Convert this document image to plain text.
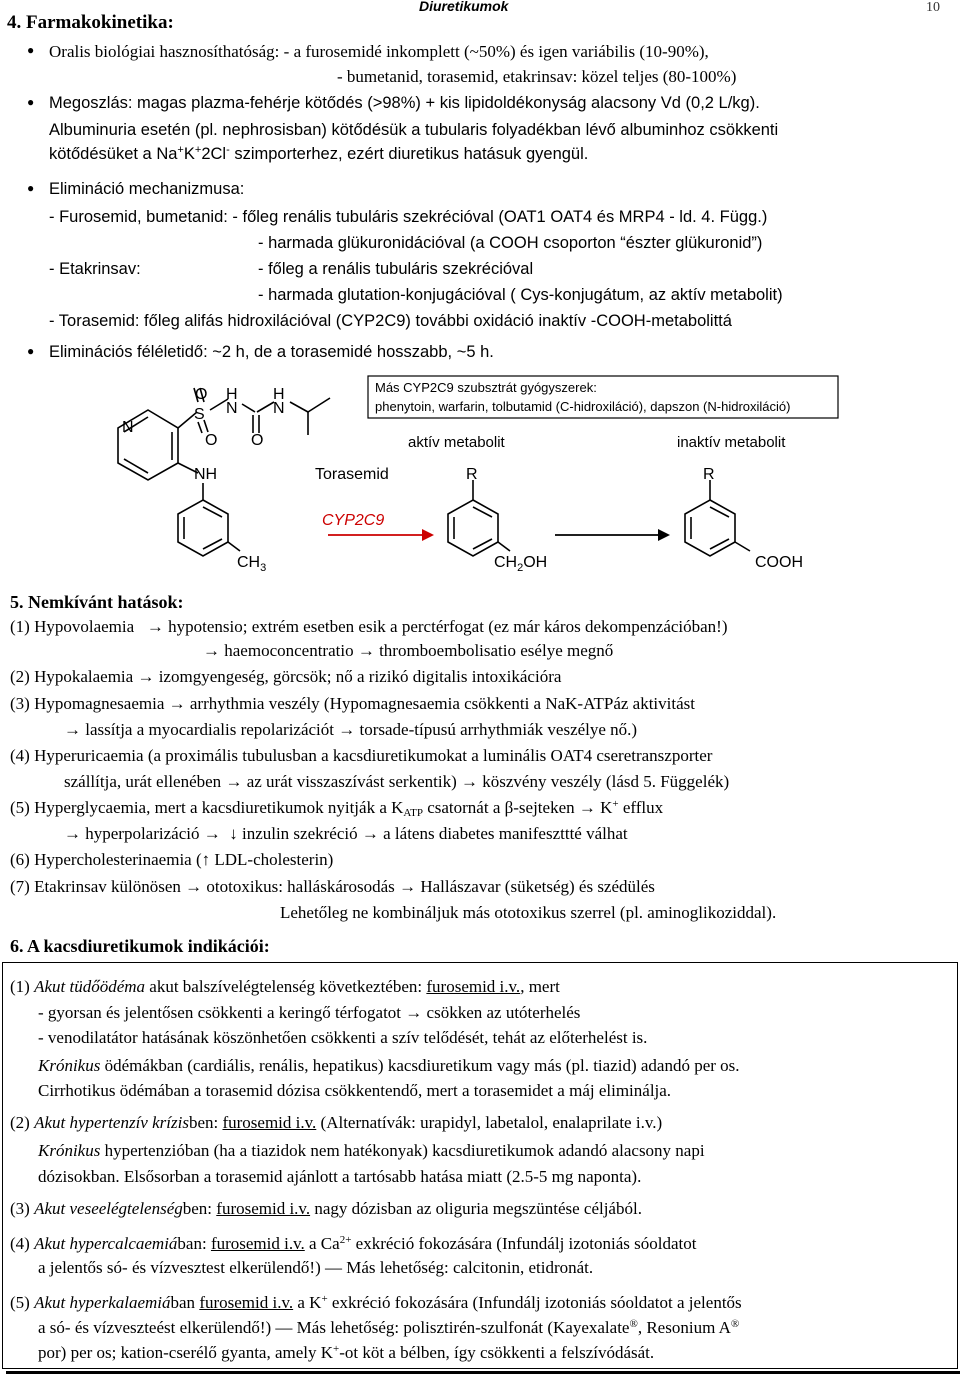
Diuretikumok	10
4. Farmakokinetika:
● Oralis biológiai hasznosíthatóság: - a furosemidé inkomplett (~50%) és igen variábilis (10-90%),
- bumetanid, torasemid, etakrinsav: közel teljes (80-100%)
● Megoszlás: magas plazma-fehérje kötődés (>98%) + kis lipidoldékonyság alacsony Vd (0,2 L/kg).
Albuminuria esetén (pl. nephrosisban) kötődésük a tubularis folyadékban lévő albuminhoz csökkenti
kötődésüket a Na+K+2Cl- szimporterhez, ezért diuretikus hatásuk gyengül.
● Elimináció mechanizmusa:
- Furosemid, bumetanid: - főleg renális tubuláris szekrécióval (OAT1 OAT4 és MRP4 - ld. 4. Függ.)
- harmada glükuronidációval (a COOH csoporton “észter glükuronid”)
- Etakrinsav:	- főleg a renális tubuláris szekrécióval
- harmada glutation-konjugációval ( Cys-konjugátum, az aktív metabolit)
- Torasemid: főleg alifás hidroxilációval (CYP2C9) további oxidáció inaktív -COOH-metabolittá
● Eliminációs féléletidő: ~2 h, de a torasemidé hosszabb, ~5 h.
Más CYP2C9 szubsztrát gyógyszerek:
phenytoin, warfarin, tolbutamid (C-hidroxiláció), dapszon (N-hidroxiláció)
aktív metabolit	inaktív metabolit
Torasemid
CYP2C9
O
S
O
H
N
O
H
N
N
NH
$CH_3$
R
$CH_2OH$
R
COOH
5. Nemkívánt hatások:
(1) Hypovolaemia → hypotensio; extrém esetben esik a perctérfogat (ez már káros dekompenzációban!)
→ haemoconcentratio → thromboembolisatio esélye megnő
(2) Hypokalaemia → izomgyengeség, görcsök; nő a rizikó digitalis intoxikációra
(3) Hypomagnesaemia → arrhythmia veszély (Hypomagnesaemia csökkenti a NaK-ATPáz aktivitást
→ lassítja a myocardialis repolarizációt → torsade-típusú arrhythmiák veszélye nő.)
(4) Hyperuricaemia (a proximális tubulusban a kacsdiuretikumokat a luminális OAT4 cseretranszporter
szállítja, urát ellenében → az urát visszaszívást serkentik) → köszvény veszély (lásd 5. Függelék)
(5) Hyperglycaemia, mert a kacsdiuretikumok nyitják a $K_{ATP}$ csatornát a β-sejteken → K+ efflux
→ hyperpolarizáció → ↓ inzulin szekréció → a látens diabetes manifeszttté válhat
(6) Hypercholesterinaemia (↑ LDL-cholesterin)
(7) Etakrinsav különösen → ototoxikus: halláskárosodás → Hallászavar (süketség) és szédülés
Lehetőleg ne kombináljuk más ototoxikus szerrel (pl. aminoglikoziddal).
6. A kacsdiuretikumok indikációi:
(1) Akut tüdőödéma akut balszívelégtelenség következtében: furosemid i.v., mert
- gyorsan és jelentősen csökkenti a keringő térfogatot → csökken az utóterhelés
- venodilatátor hatásának köszönhetően csökkenti a szív telődését, tehát az előterhelést is.
Krónikus ödémákban (cardiális, renális, hepatikus) kacsdiuretikum vagy más (pl. tiazid) adandó per os.
Cirrhotikus ödémában a torasemid dózisa csökkentendő, mert a torasemidet a máj eliminálja.
(2) Akut hypertenzív krízisben: furosemid i.v. (Alternatívák: urapidyl, labetalol, enalaprilate i.v.)
Krónikus hypertenzióban (ha a tiazidok nem hatékonyak) kacsdiuretikumok adandó alacsony napi
dózisokban. Elsősorban a torasemid ajánlott a tartósabb hatása miatt (2.5-5 mg naponta).
(3) Akut veseelégtelenségben: furosemid i.v. nagy dózisban az oliguria megszüntése céljából.
(4) Akut hypercalcaemiában: furosemid i.v. a $Ca^{2+}$ exkréció fokozására (Infundálj izotoniás sóoldatot
a jelentős só- és vízvesztest elkerülendő!) — Más lehetőség: calcitonin, etidronát.
(5) Akut hyperkalaemiában furosemid i.v. a K+ exkréció fokozására (Infundálj izotoniás sóoldatot a jelentős
a só- és vízveszteést elkerülendő!) — Más lehetőség: polisztirén-szulfonát (Kayexalate®, Resonium A®
por) per os; kation-cserélő gyanta, amely K+-ot köt a bélben, így csökkenti a felszívódását.
